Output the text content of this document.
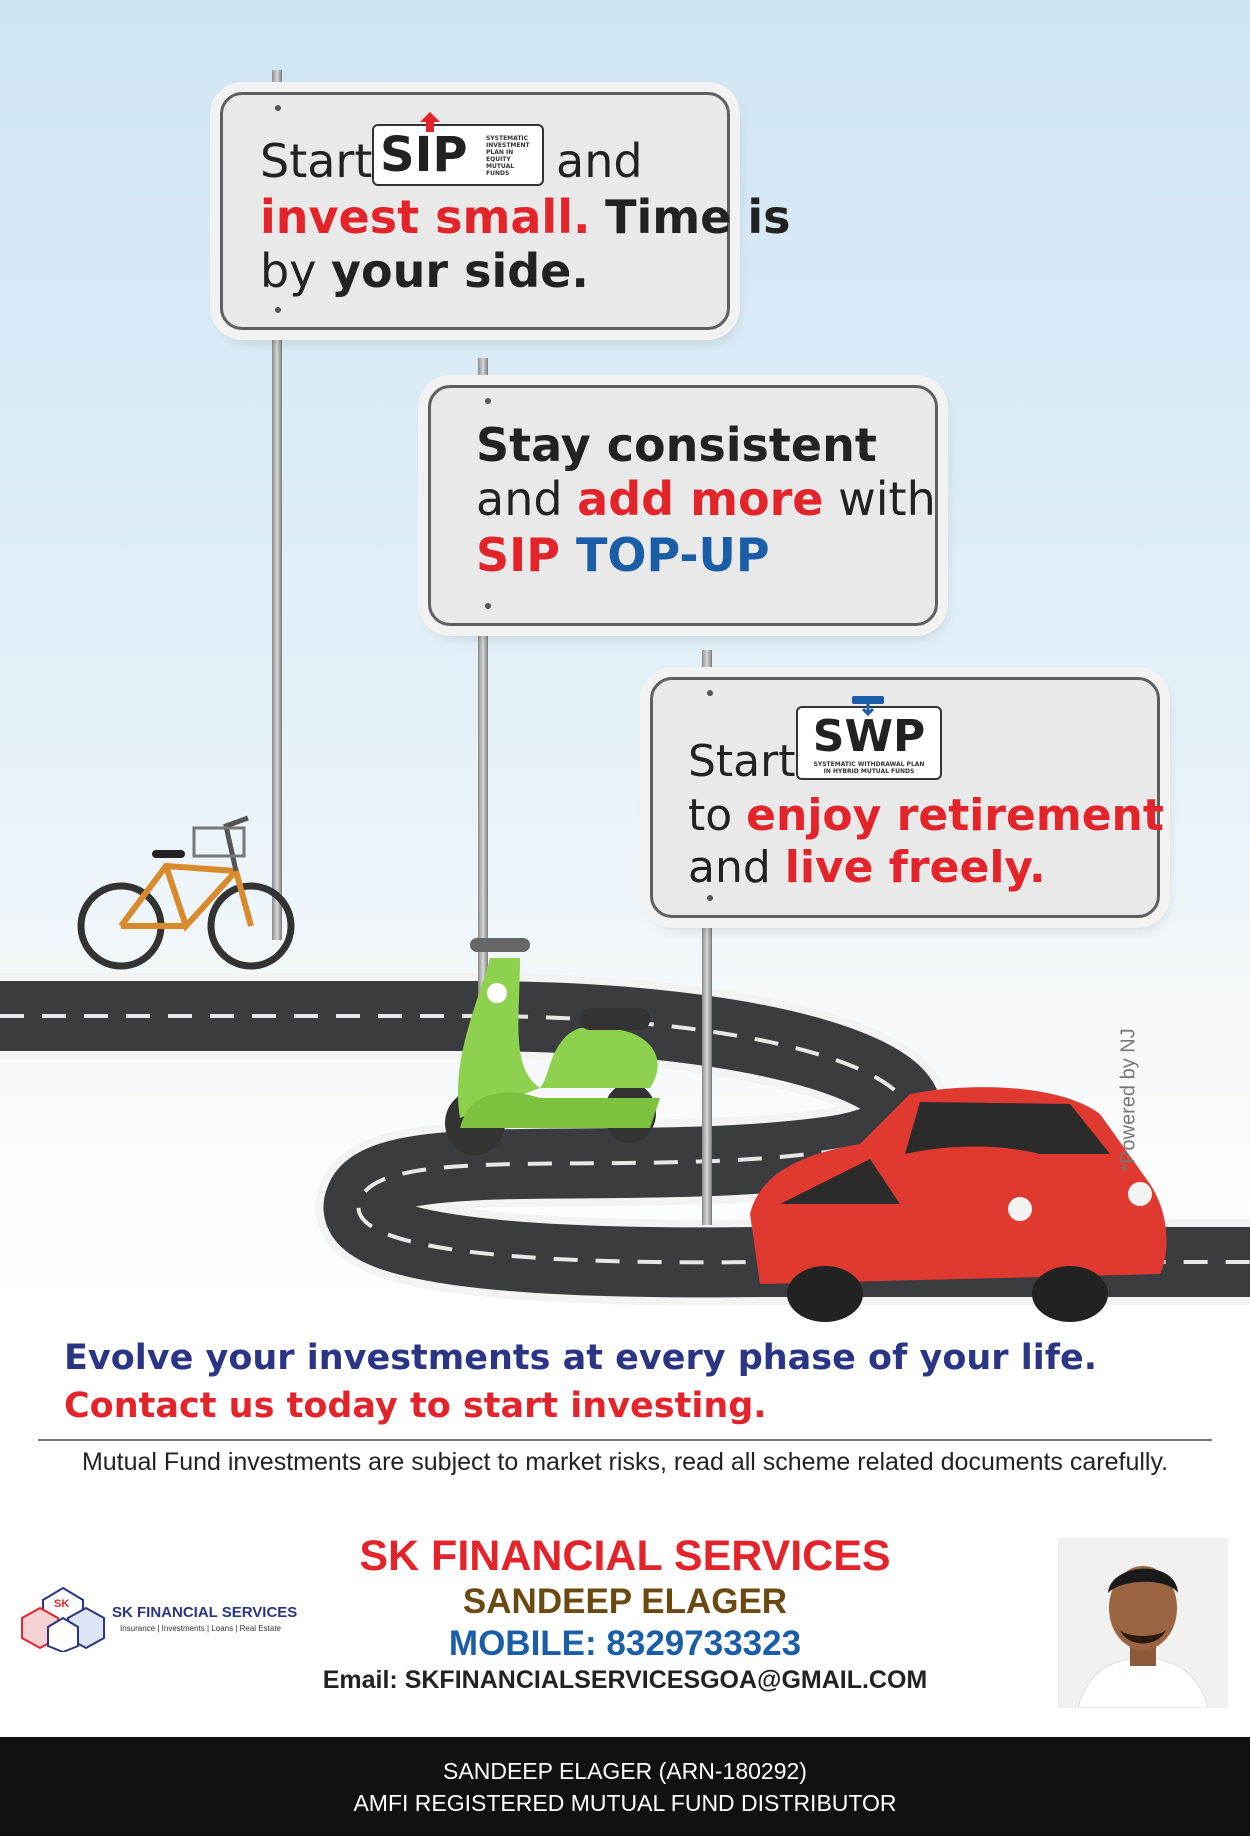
Start SIP	SYSTEMATIC
INVESTMENT
PLAN IN
EQUITY
MUTUAL
FUNDS and
invest small. Time is
by your side.
Stay consistent
and add more with
SIP TOP-UP
Start SWP
SYSTEMATIC WITHDRAWAL PLAN
IN HYBRID MUTUAL FUNDS
to enjoy retirement
and live freely.
*Powered by NJ
Evolve your investments at every phase of your life.
Contact us today to start investing.
Mutual Fund investments are subject to market risks, read all scheme related documents carefully.
SK	SK FINANCIAL SERVICES
Insurance | Investments | Loans | Real Estate
SK FINANCIAL SERVICES
SANDEEP ELAGER
MOBILE: 8329733323
Email: SKFINANCIALSERVICESGOA@GMAIL.COM
SANDEEP ELAGER (ARN-180292)
AMFI REGISTERED MUTUAL FUND DISTRIBUTOR
